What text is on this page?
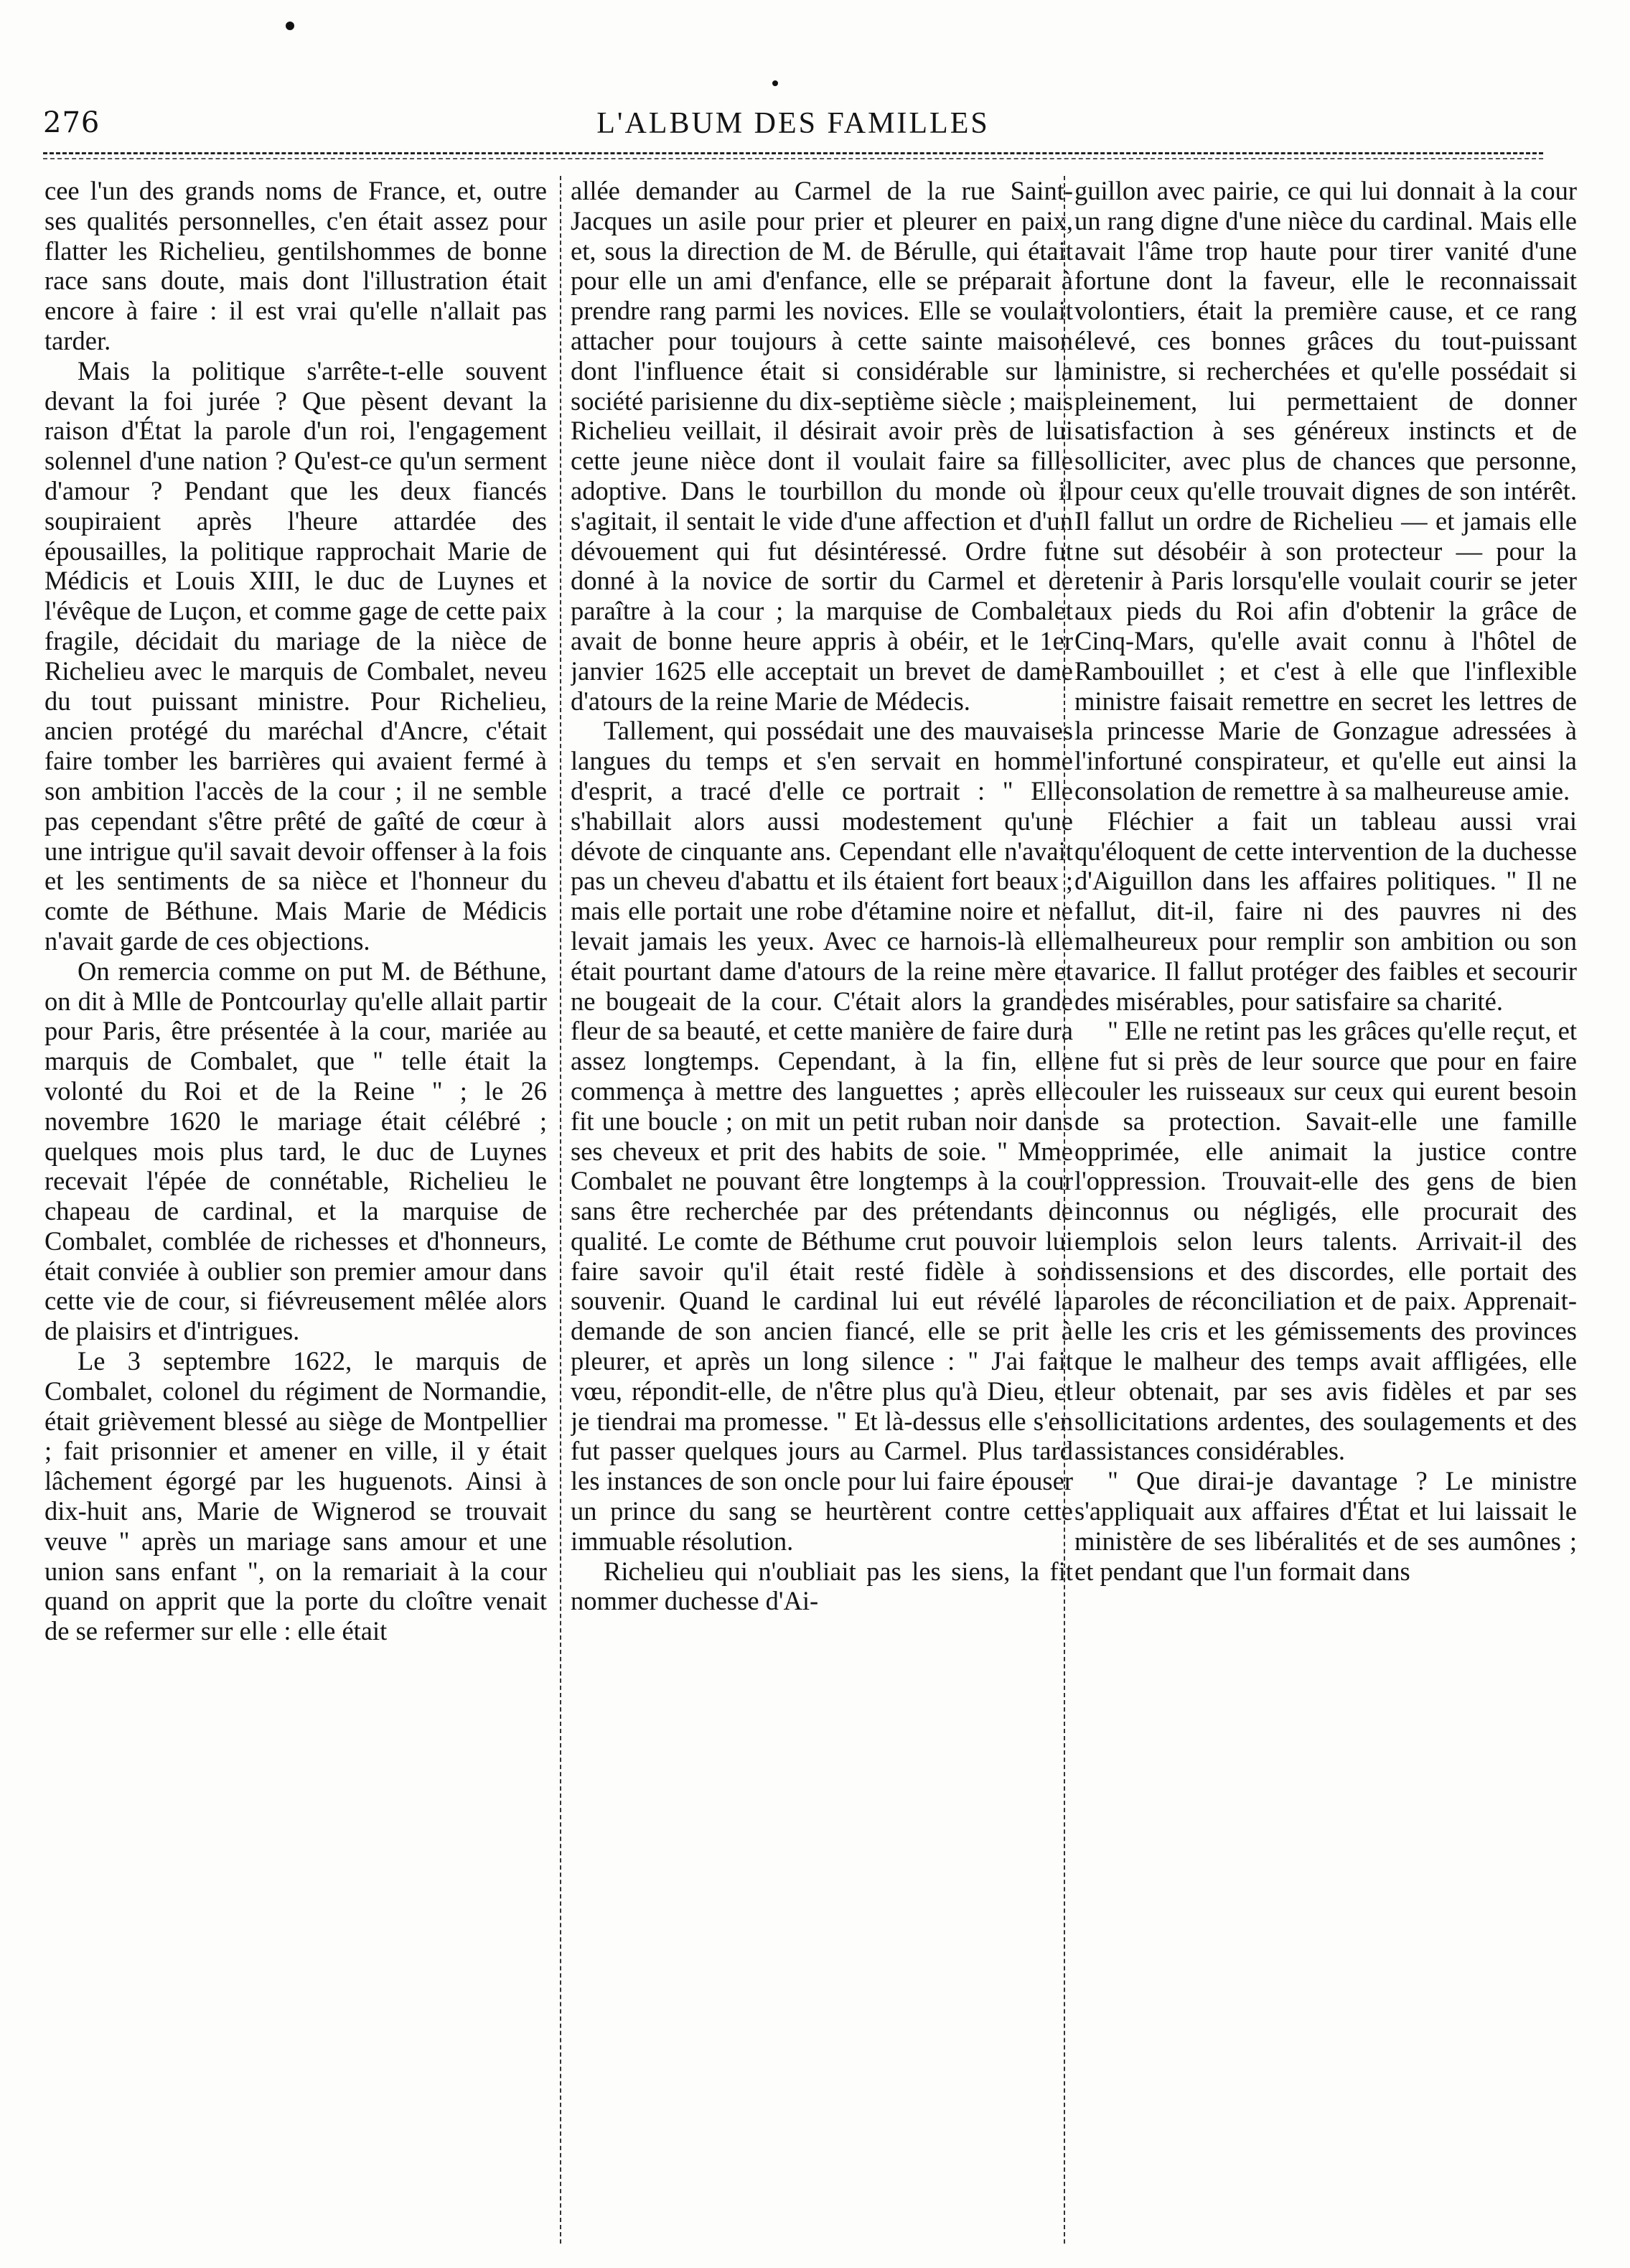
276	L'ALBUM DES FAMILLES

cee l'un des grands noms de France, et, outre ses qualités personnelles, c'en était assez pour flatter les Richelieu, gentilshommes de bonne race sans doute, mais dont l'illustration était encore à faire : il est vrai qu'elle n'allait pas tarder.

Mais la politique s'arrête-t-elle souvent devant la foi jurée ? Que pèsent devant la raison d'État la parole d'un roi, l'engagement solennel d'une nation ? Qu'est-ce qu'un serment d'amour ? Pendant que les deux fiancés soupiraient après l'heure attardée des épousailles, la politique rapprochait Marie de Médicis et Louis XIII, le duc de Luynes et l'évêque de Luçon, et comme gage de cette paix fragile, décidait du mariage de la nièce de Richelieu avec le marquis de Combalet, neveu du tout puissant ministre. Pour Richelieu, ancien protégé du maréchal d'Ancre, c'était faire tomber les barrières qui avaient fermé à son ambition l'accès de la cour ; il ne semble pas cependant s'être prêté de gaîté de cœur à une intrigue qu'il savait devoir offenser à la fois et les sentiments de sa nièce et l'honneur du comte de Béthune. Mais Marie de Médicis n'avait garde de ces objections.

On remercia comme on put M. de Béthune, on dit à Mlle de Pontcourlay qu'elle allait partir pour Paris, être présentée à la cour, mariée au marquis de Combalet, que " telle était la volonté du Roi et de la Reine " ; le 26 novembre 1620 le mariage était célébré ; quelques mois plus tard, le duc de Luynes recevait l'épée de connétable, Richelieu le chapeau de cardinal, et la marquise de Combalet, comblée de richesses et d'honneurs, était conviée à oublier son premier amour dans cette vie de cour, si fiévreusement mêlée alors de plaisirs et d'intrigues.

Le 3 septembre 1622, le marquis de Combalet, colonel du régiment de Normandie, était grièvement blessé au siège de Montpellier ; fait prisonnier et amener en ville, il y était lâchement égorgé par les huguenots. Ainsi à dix-huit ans, Marie de Wignerod se trouvait veuve " après un mariage sans amour et une union sans enfant ", on la remariait à la cour quand on apprit que la porte du cloître venait de se refermer sur elle : elle était

allée demander au Carmel de la rue Saint-Jacques un asile pour prier et pleurer en paix, et, sous la direction de M. de Bérulle, qui était pour elle un ami d'enfance, elle se préparait à prendre rang parmi les novices. Elle se voulait attacher pour toujours à cette sainte maison dont l'influence était si considérable sur la société parisienne du dix-septième siècle ; mais Richelieu veillait, il désirait avoir près de lui cette jeune nièce dont il voulait faire sa fille adoptive. Dans le tourbillon du monde où il s'agitait, il sentait le vide d'une affection et d'un dévouement qui fut désintéressé. Ordre fut donné à la novice de sortir du Carmel et de paraître à la cour ; la marquise de Combalet avait de bonne heure appris à obéir, et le 1er janvier 1625 elle acceptait un brevet de dame d'atours de la reine Marie de Médecis.

Tallement, qui possédait une des mauvaises langues du temps et s'en servait en homme d'esprit, a tracé d'elle ce portrait : " Elle s'habillait alors aussi modestement qu'une dévote de cinquante ans. Cependant elle n'avait pas un cheveu d'abattu et ils étaient fort beaux ; mais elle portait une robe d'étamine noire et ne levait jamais les yeux. Avec ce harnois-là elle était pourtant dame d'atours de la reine mère et ne bougeait de la cour. C'était alors la grande fleur de sa beauté, et cette manière de faire dura assez longtemps. Cependant, à la fin, elle commença à mettre des languettes ; après elle fit une boucle ; on mit un petit ruban noir dans ses cheveux et prit des habits de soie. " Mme Combalet ne pouvant être longtemps à la cour sans être recherchée par des prétendants de qualité. Le comte de Béthume crut pouvoir lui faire savoir qu'il était resté fidèle à son souvenir. Quand le cardinal lui eut révélé la demande de son ancien fiancé, elle se prit à pleurer, et après un long silence : " J'ai fait vœu, répondit-elle, de n'être plus qu'à Dieu, et je tiendrai ma promesse. " Et là-dessus elle s'en fut passer quelques jours au Carmel. Plus tard les instances de son oncle pour lui faire épouser un prince du sang se heurtèrent contre cette immuable résolution.

Richelieu qui n'oubliait pas les siens, la fit nommer duchesse d'Ai-

guillon avec pairie, ce qui lui donnait à la cour un rang digne d'une nièce du cardinal. Mais elle avait l'âme trop haute pour tirer vanité d'une fortune dont la faveur, elle le reconnaissait volontiers, était la première cause, et ce rang élevé, ces bonnes grâces du tout-puissant ministre, si recherchées et qu'elle possédait si pleinement, lui permettaient de donner satisfaction à ses généreux instincts et de solliciter, avec plus de chances que personne, pour ceux qu'elle trouvait dignes de son intérêt. Il fallut un ordre de Richelieu — et jamais elle ne sut désobéir à son protecteur — pour la retenir à Paris lorsqu'elle voulait courir se jeter aux pieds du Roi afin d'obtenir la grâce de Cinq-Mars, qu'elle avait connu à l'hôtel de Rambouillet ; et c'est à elle que l'inflexible ministre faisait remettre en secret les lettres de la princesse Marie de Gonzague adressées à l'infortuné conspirateur, et qu'elle eut ainsi la consolation de remettre à sa malheureuse amie.

Fléchier a fait un tableau aussi vrai qu'éloquent de cette intervention de la duchesse d'Aiguillon dans les affaires politiques. " Il ne fallut, dit-il, faire ni des pauvres ni des malheureux pour remplir son ambition ou son avarice. Il fallut protéger des faibles et secourir des misérables, pour satisfaire sa charité.

" Elle ne retint pas les grâces qu'elle reçut, et ne fut si près de leur source que pour en faire couler les ruisseaux sur ceux qui eurent besoin de sa protection. Savait-elle une famille opprimée, elle animait la justice contre l'oppression. Trouvait-elle des gens de bien inconnus ou négligés, elle procurait des emplois selon leurs talents. Arrivait-il des dissensions et des discordes, elle portait des paroles de réconciliation et de paix. Apprenait-elle les cris et les gémissements des provinces que le malheur des temps avait affligées, elle leur obtenait, par ses avis fidèles et par ses sollicitations ardentes, des soulagements et des assistances considérables.

" Que dirai-je davantage ? Le ministre s'appliquait aux affaires d'État et lui laissait le ministère de ses libéralités et de ses aumônes ; et pendant que l'un formait dans
